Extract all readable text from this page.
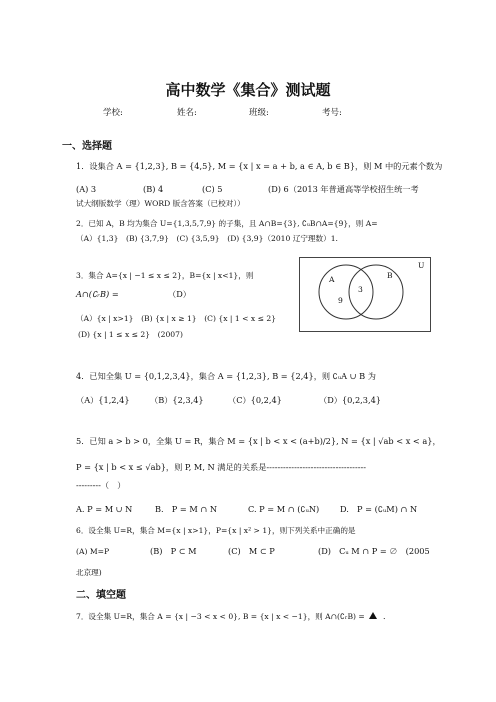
高中数学《集合》测试题
学校:	姓名:	班级:	考号:
一、选择题
1．设集合 A = {1,2,3}, B = {4,5}, M = {x | x = a + b, a ∈ A, b ∈ B}，则 M 中的元素个数为
(A) 3	(B) 4	(C) 5	(D) 6（2013 年普通高等学校招生统一考
试大纲版数学（理）WORD 版含答案（已校对））
2．已知 A，B 均为集合 U={1,3,5,7,9} 的子集，且 A∩B={3}, ∁ᵤB∩A={9}，则 A=
（A）{1,3}　(B) {3,7,9}　(C) {3,5,9}　(D) {3,9}（2010 辽宁理数）1.
3．集合 A={x | −1 ≤ x ≤ 2}，B={x | x<1}，则
A∩(∁ᵣB) =	（D）
（A）{x | x>1}　(B) {x | x ≥ 1}　(C) {x | 1 < x ≤ 2}
(D) {x | 1 ≤ x ≤ 2}　(2007)
U
A	B
9
3
4．已知全集 U = {0,1,2,3,4}，集合 A = {1,2,3}, B = {2,4}，则 ∁ᵤA ∪ B 为
（A）{1,2,4} （B）{2,3,4}	（C）{0,2,4}	（D）{0,2,3,4}
5．已知 a > b > 0，全集 U = R，集合 M = {x | b < x < (a+b)/2}, N = {x | √ab < x < a}，
P = {x | b < x ≤ √ab}，则 P, M, N 满足的关系是------------------------------------
---------（　）
A. P = M ∪ N	B.　P = M ∩ N	C. P = M ∩ (∁ᵤN)	D.　P = (∁ᵤM) ∩ N
6．设全集 U=R，集合 M={x | x>1}，P={x | x² > 1}，则下列关系中正确的是
(A) M=P	(B)　P ⊂ M	(C)　M ⊂ P	(D)　Cᵤ M ∩ P = ∅　(2005
北京理)
二、填空题
7．设全集 U=R，集合 A = {x | −3 < x < 0}, B = {x | x < −1}，则 A∩(∁ᵣB) = ．
